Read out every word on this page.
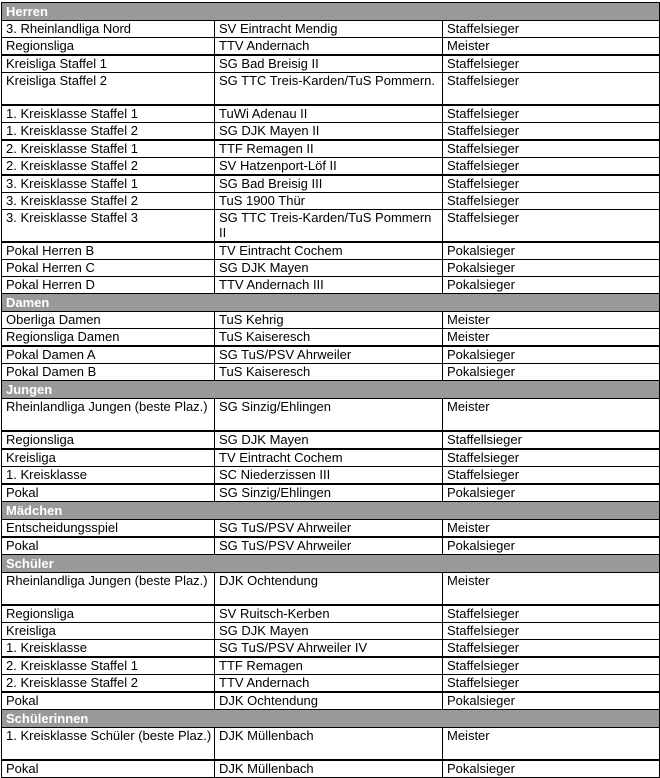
Herren		
3. Rheinlandliga Nord	SV Eintracht Mendig	Staffelsieger
Regionsliga	TTV Andernach	Meister
Kreisliga Staffel 1	SG Bad Breisig II	Staffelsieger
Kreisliga Staffel 2	SG TTC Treis-Karden/TuS Pommern.	Staffelsieger
1. Kreisklasse Staffel 1	TuWi Adenau II	Staffelsieger
1. Kreisklasse Staffel 2	SG DJK Mayen II	Staffelsieger
2. Kreisklasse Staffel 1	TTF Remagen II	Staffelsieger
2. Kreisklasse Staffel 2	SV Hatzenport-Löf II	Staffelsieger
3. Kreisklasse Staffel 1	SG Bad Breisig III	Staffelsieger
3. Kreisklasse Staffel 2	TuS 1900 Thür	Staffelsieger
3. Kreisklasse Staffel 3	SG TTC Treis-Karden/TuS Pommern II	Staffelsieger
Pokal Herren B	TV Eintracht Cochem	Pokalsieger
Pokal Herren C	SG DJK Mayen	Pokalsieger
Pokal Herren D	TTV Andernach III	Pokalsieger
Damen		
Oberliga Damen	TuS Kehrig	Meister
Regionsliga Damen	TuS Kaiseresch	Meister
Pokal Damen A	SG TuS/PSV Ahrweiler	Pokalsieger
Pokal Damen B	TuS Kaiseresch	Pokalsieger
Jungen		
Rheinlandliga Jungen (beste Plaz.)	SG Sinzig/Ehlingen	Meister
Regionsliga	SG DJK Mayen	Staffellsieger
Kreisliga	TV Eintracht Cochem	Staffelsieger
1. Kreisklasse	SC Niederzissen III	Staffelsieger
Pokal	SG Sinzig/Ehlingen	Pokalsieger
Mädchen		
Entscheidungsspiel	SG TuS/PSV Ahrweiler	Meister
Pokal	SG TuS/PSV Ahrweiler	Pokalsieger
Schüler		
Rheinlandliga Jungen (beste Plaz.)	DJK Ochtendung	Meister
Regionsliga	SV Ruitsch-Kerben	Staffelsieger
Kreisliga	SG DJK Mayen	Staffelsieger
1. Kreisklasse	SG TuS/PSV Ahrweiler IV	Staffelsieger
2. Kreisklasse Staffel 1	TTF Remagen	Staffelsieger
2. Kreisklasse Staffel 2	TTV Andernach	Staffelsieger
Pokal	DJK Ochtendung	Pokalsieger
Schülerinnen		
1. Kreisklasse Schüler (beste Plaz.)	DJK Müllenbach	Meister
Pokal	DJK Müllenbach	Pokalsieger
